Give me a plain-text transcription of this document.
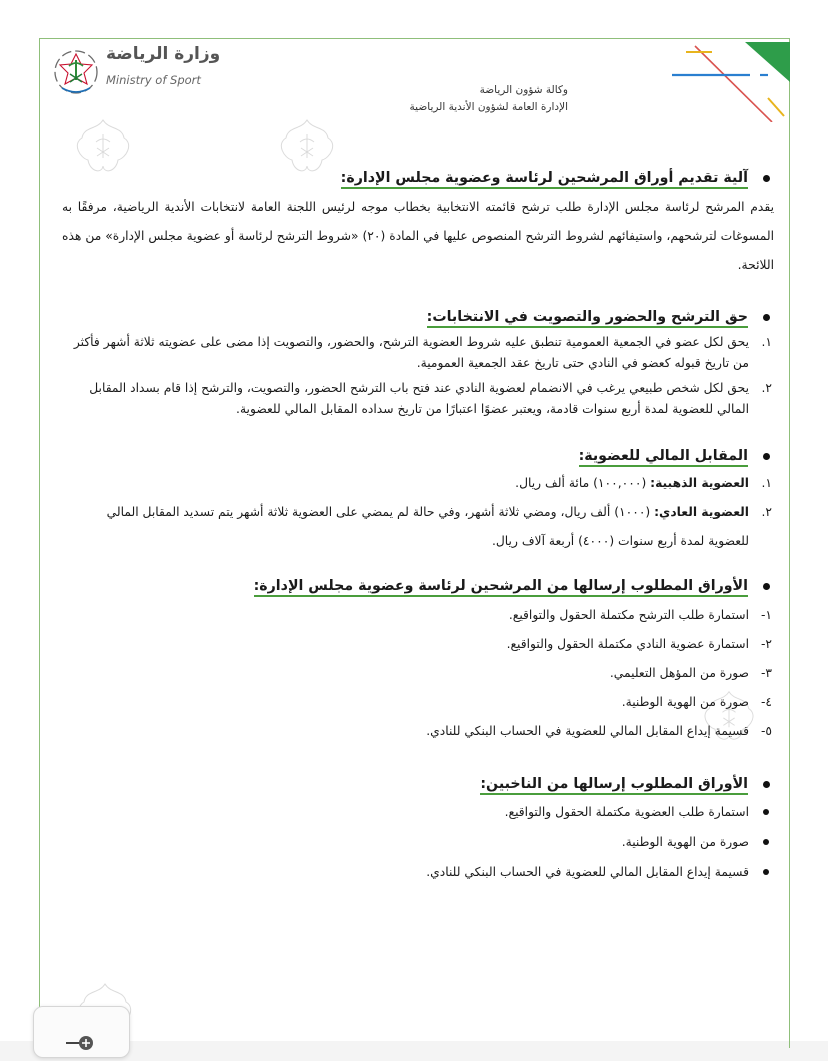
وزارة الرياضة
Ministry of Sport
وكالة شؤون الرياضة
الإدارة العامة لشؤون الأندية الرياضية
آلية تقديم أوراق المرشحين لرئاسة وعضوية مجلس الإدارة:

يقدم المرشح لرئاسة مجلس الإدارة طلب ترشح قائمته الانتخابية بخطاب موجه لرئيس اللجنة العامة لانتخابات الأندية الرياضية، مرفقًا به المسوغات لترشحهم، واستيفائهم لشروط الترشح المنصوص عليها في المادة (٢٠) «شروط الترشح لرئاسة أو عضوية مجلس الإدارة» من هذه اللائحة.

حق الترشح والحضور والتصويت في الانتخابات:
١.
يحق لكل عضو في الجمعية العمومية تنطبق عليه شروط العضوية الترشح، والحضور، والتصويت إذا مضى على عضويته ثلاثة أشهر فأكثر من تاريخ قبوله كعضو في النادي حتى تاريخ عقد الجمعية العمومية.
٢.
يحق لكل شخص طبيعي يرغب في الانضمام لعضوية النادي عند فتح باب الترشح الحضور، والتصويت، والترشح إذا قام بسداد المقابل المالي للعضوية لمدة أربع سنوات قادمة، ويعتبر عضوًا اعتبارًا من تاريخ سداده المقابل المالي للعضوية.
المقابل المالي للعضوية:
١.
العضوية الذهبية: (١٠٠,٠٠٠) مائة ألف ريال.
٢.
العضوية العادي: (١٠٠٠) ألف ريال، ومضي ثلاثة أشهر، وفي حالة لم يمضي على العضوية ثلاثة أشهر يتم تسديد المقابل المالي للعضوية لمدة أربع سنوات (٤٠٠٠) أربعة آلاف ريال.
الأوراق المطلوب إرسالها من المرشحين لرئاسة وعضوية مجلس الإدارة:
١-
استمارة طلب الترشح مكتملة الحقول والتواقيع.
٢-
استمارة عضوية النادي مكتملة الحقول والتواقيع.
٣-
صورة من المؤهل التعليمي.
٤-
صورة من الهوية الوطنية.
٥-
قسيمة إيداع المقابل المالي للعضوية في الحساب البنكي للنادي.
الأوراق المطلوب إرسالها من الناخبين:
استمارة طلب العضوية مكتملة الحقول والتواقيع.
صورة من الهوية الوطنية.
قسيمة إيداع المقابل المالي للعضوية في الحساب البنكي للنادي.
